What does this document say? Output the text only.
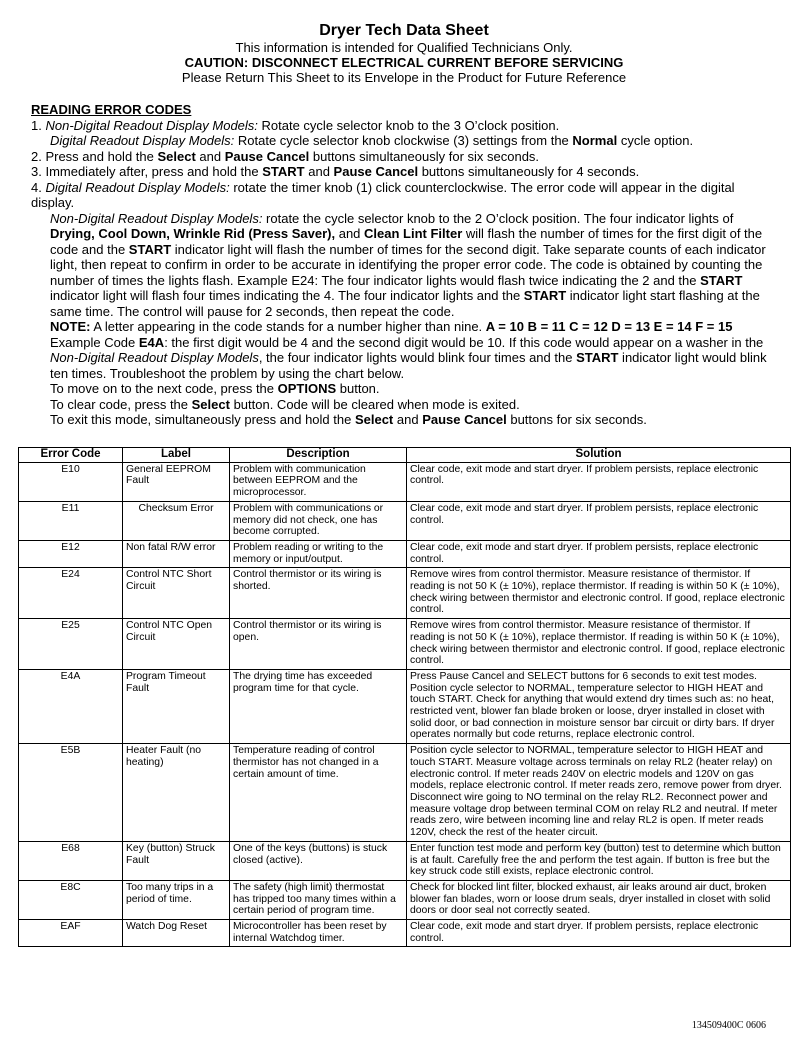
Dryer Tech Data Sheet
This information is intended for Qualified Technicians Only.
CAUTION: DISCONNECT ELECTRICAL CURRENT BEFORE SERVICING
Please Return This Sheet to its Envelope in the Product for Future Reference
READING ERROR CODES
1. Non-Digital Readout Display Models: Rotate cycle selector knob to the 3 O’clock position.
Digital Readout Display Models: Rotate cycle selector knob clockwise (3) settings from the Normal cycle option.
2. Press and hold the Select and Pause Cancel buttons simultaneously for six seconds.
3. Immediately after, press and hold the START and Pause Cancel buttons simultaneously for 4 seconds.
4. Digital Readout Display Models: rotate the timer knob (1) click counterclockwise. The error code will appear in the digital display.
Non-Digital Readout Display Models: rotate the cycle selector knob to the 2 O’clock position. The four indicator lights of Drying, Cool Down, Wrinkle Rid (Press Saver), and Clean Lint Filter will flash the number of times for the first digit of the code and the START indicator light will flash the number of times for the second digit. Take separate counts of each indicator light, then repeat to confirm in order to be accurate in identifying the proper error code. The code is obtained by counting the number of times the lights flash. Example E24: The four indicator lights would flash twice indicating the 2 and the START indicator light will flash four times indicating the 4. The four indicator lights and the START indicator light start flashing at the same time. The control will pause for 2 seconds, then repeat the code.
NOTE: A letter appearing in the code stands for a number higher than nine. A = 10 B = 11 C = 12 D = 13 E = 14 F = 15
Example Code E4A: the first digit would be 4 and the second digit would be 10. If this code would appear on a washer in the Non-Digital Readout Display Models, the four indicator lights would blink four times and the START indicator light would blink ten times. Troubleshoot the problem by using the chart below.
To move on to the next code, press the OPTIONS button.
To clear code, press the Select button. Code will be cleared when mode is exited.
To exit this mode, simultaneously press and hold the Select and Pause Cancel buttons for six seconds.
Error Code	Label	Description	Solution
E10	General EEPROM Fault	Problem with communication between EEPROM and the microprocessor.	Clear code, exit mode and start dryer. If problem persists, replace electronic control.
E11	Checksum Error	Problem with communications or memory did not check, one has become corrupted.	Clear code, exit mode and start dryer. If problem persists, replace electronic control.
E12	Non fatal R/W error	Problem reading or writing to the memory or input/output.	Clear code, exit mode and start dryer. If problem persists, replace electronic control.
E24	Control NTC Short Circuit	Control thermistor or its wiring is shorted.	Remove wires from control thermistor. Measure resistance of thermistor. If reading is not 50 K (± 10%), replace thermistor. If reading is within 50 K (± 10%), check wiring between thermistor and electronic control. If good, replace electronic control.
E25	Control NTC Open Circuit	Control thermistor or its wiring is open.	Remove wires from control thermistor. Measure resistance of thermistor. If reading is not 50 K (± 10%), replace thermistor. If reading is within 50 K (± 10%), check wiring between thermistor and electronic control. If good, replace electronic control.
E4A	Program Timeout Fault	The drying time has exceeded program time for that cycle.	Press Pause Cancel and SELECT buttons for 6 seconds to exit test modes. Position cycle selector to NORMAL, temperature selector to HIGH HEAT and touch START. Check for anything that would extend dry times such as: no heat, restricted vent, blower fan blade broken or loose, dryer installed in closet with solid door, or bad connection in moisture sensor bar circuit or dirty bars. If dryer operates normally but code returns, replace electronic control.
E5B	Heater Fault (no heating)	Temperature reading of control thermistor has not changed in a certain amount of time.	Position cycle selector to NORMAL, temperature selector to HIGH HEAT and touch START. Measure voltage across terminals on relay RL2 (heater relay) on electronic control. If meter reads 240V on electric models and 120V on gas models, replace electronic control. If meter reads zero, remove power from dryer. Disconnect wire going to NO terminal on the relay RL2. Reconnect power and measure voltage drop between terminal COM on relay RL2 and neutral. If meter reads zero, wire between incoming line and relay RL2 is open. If meter reads 120V, check the rest of the heater circuit.
E68	Key (button) Struck Fault	One of the keys (buttons) is stuck closed (active).	Enter function test mode and perform key (button) test to determine which button is at fault. Carefully free the and perform the test again. If button is free but the key struck code still exists, replace electronic control.
E8C	Too many trips in a period of time.	The safety (high limit) thermostat has tripped too many times within a certain period of program time.	Check for blocked lint filter, blocked exhaust, air leaks around air duct, broken blower fan blades, worn or loose drum seals, dryer installed in closet with solid doors or door seal not correctly seated.
EAF	Watch Dog Reset	Microcontroller has been reset by internal Watchdog timer.	Clear code, exit mode and start dryer. If problem persists, replace electronic control.
134509400C 0606
